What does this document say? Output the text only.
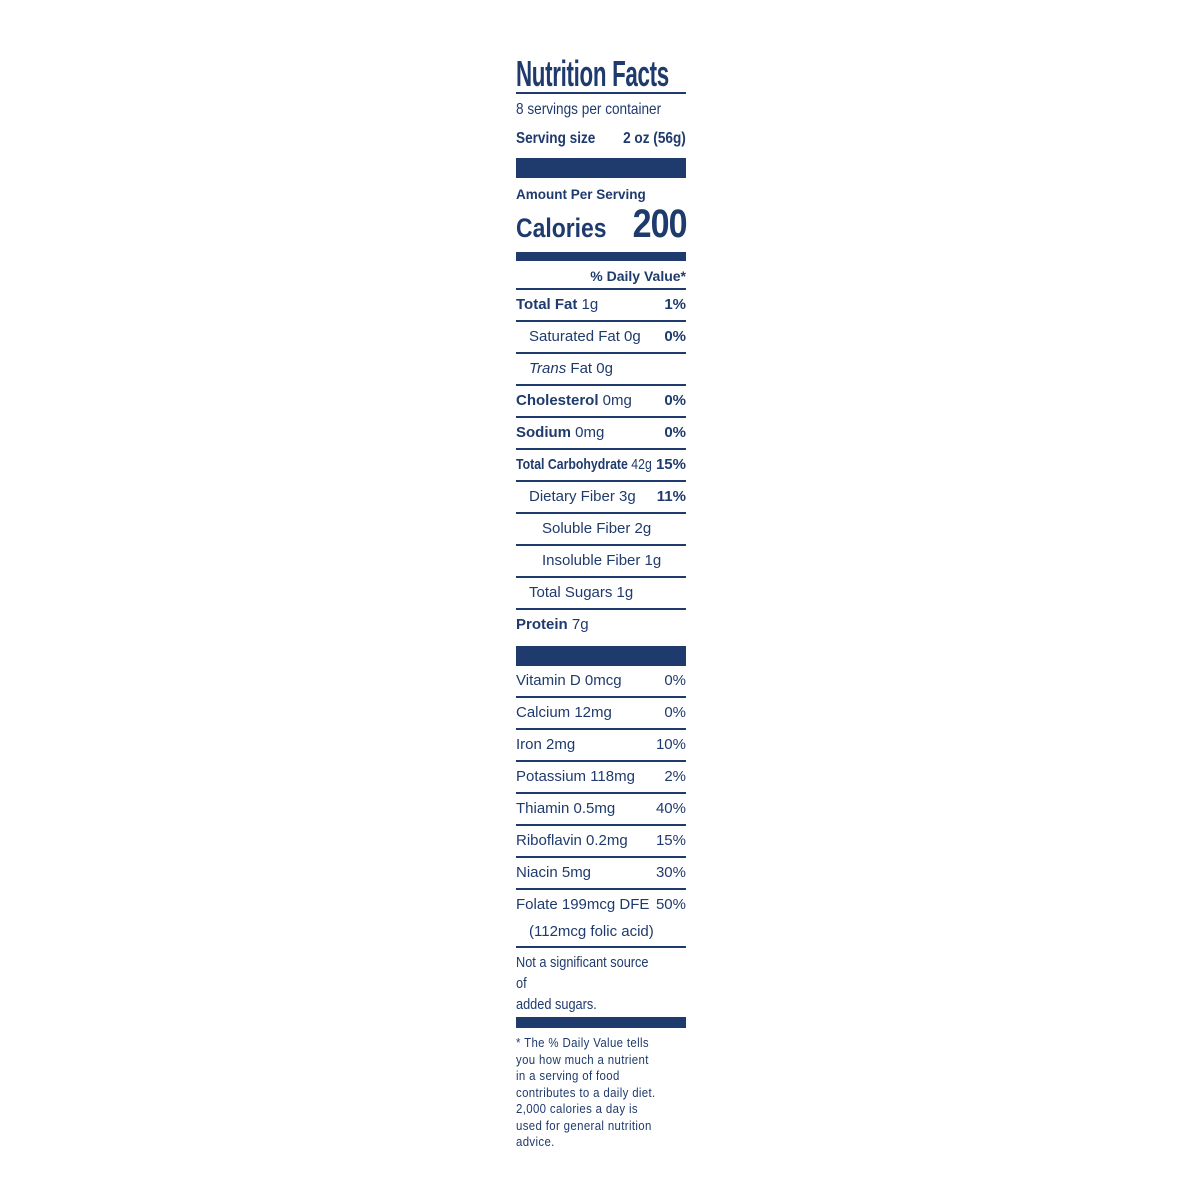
Nutrition Facts
8 servings per container
Serving size 2 oz (56g)
Amount Per Serving
Calories 200
% Daily Value*
Total Fat 1g	1%
Saturated Fat 0g 0%
Trans Fat 0g
Cholesterol 0mg 0%
Sodium 0mg	0%
Total Carbohydrate 42g 15%
Dietary Fiber 3g 11%
Soluble Fiber 2g
Insoluble Fiber 1g
Total Sugars 1g
Protein 7g
Vitamin D 0mcg	0%
Calcium 12mg	0%
Iron 2mg	10%
Potassium 118mg 2%
Thiamin 0.5mg	40%
Riboflavin 0.2mg 15%
Niacin 5mg	30%
Folate 199mcg DFE 50%
(112mcg folic acid)
Not a significant source of
added sugars.
* The % Daily Value tells
you how much a nutrient
in a serving of food
contributes to a daily diet.
2,000 calories a day is
used for general nutrition
advice.
